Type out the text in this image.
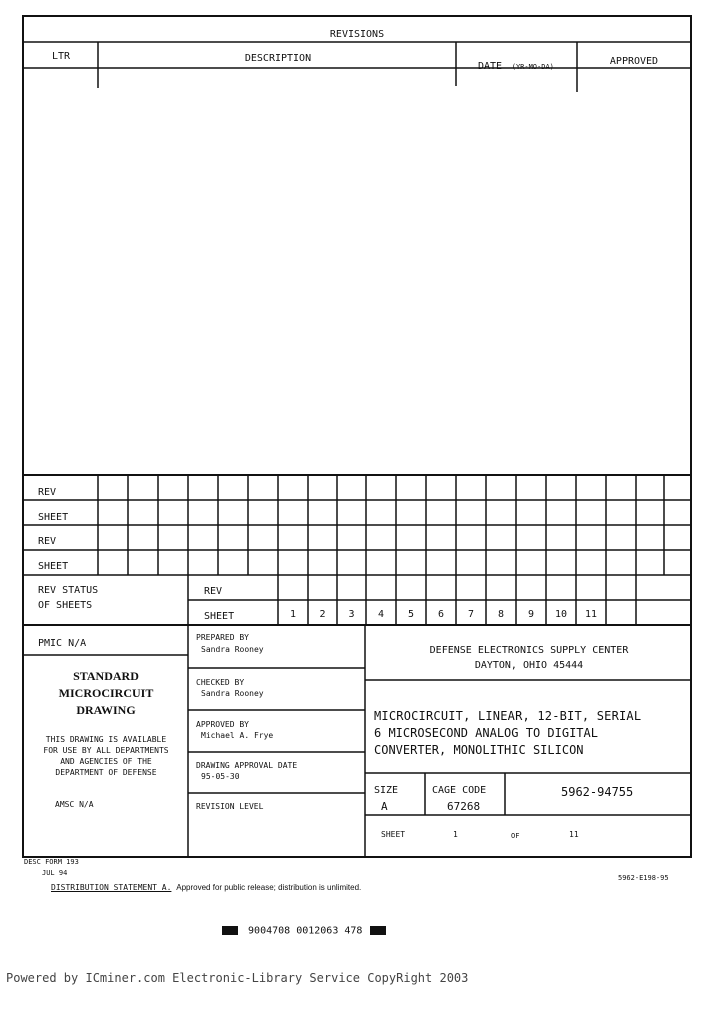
REVISIONS
LTR	DESCRIPTION
DATE (YR-MO-DA)	APPROVED
REV
SHEET
REV
SHEET
REV STATUS
OF SHEETS
REV
SHEET	1	2	3	4	5	6	7	8	9	10	11
PMIC N/A
STANDARD
MICROCIRCUIT
DRAWING
THIS DRAWING IS AVAILABLE
FOR USE BY ALL DEPARTMENTS
AND AGENCIES OF THE
DEPARTMENT OF DEFENSE
AMSC N/A
PREPARED BY
Sandra Rooney
CHECKED BY
Sandra Rooney
APPROVED BY
Michael A. Frye
DRAWING APPROVAL DATE
95-05-30
REVISION LEVEL
DEFENSE ELECTRONICS SUPPLY CENTER
DAYTON, OHIO 45444
MICROCIRCUIT, LINEAR, 12-BIT, SERIAL
6 MICROSECOND ANALOG TO DIGITAL
CONVERTER, MONOLITHIC SILICON
SIZE
A
CAGE CODE
67268
5962-94755
SHEET	1	OF	11
DESC FORM 193
JUL 94
DISTRIBUTION STATEMENT A. Approved for public release; distribution is unlimited.
5962-E198-95
9004708 0012063 478
Powered by ICminer.com Electronic-Library Service CopyRight 2003
